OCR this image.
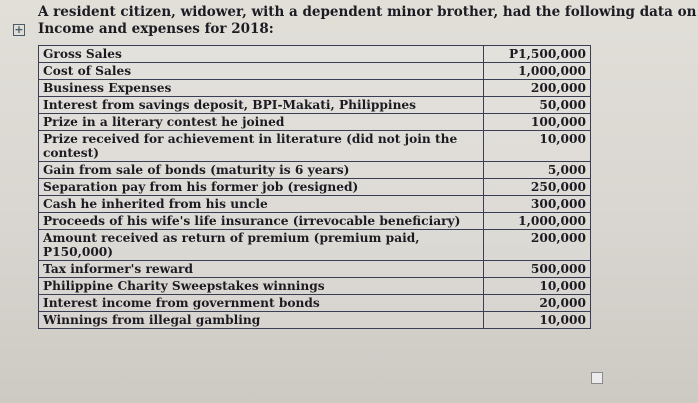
A resident citizen, widower, with a dependent minor brother, had the following data on
+ Income and expenses for 2018:
Gross Sales	P1,500,000
Cost of Sales	1,000,000
Business Expenses	200,000
Interest from savings deposit, BPI-Makati, Philippines	50,000
Prize in a literary contest he joined	100,000
Prize received for achievement in literature (did not join the contest)	10,000
Gain from sale of bonds (maturity is 6 years)	5,000
Separation pay from his former job (resigned)	250,000
Cash he inherited from his uncle	300,000
Proceeds of his wife's life insurance (irrevocable beneficiary)	1,000,000
Amount received as return of premium (premium paid, P150,000)	200,000
Tax informer's reward	500,000
Philippine Charity Sweepstakes winnings	10,000
Interest income from government bonds	20,000
Winnings from illegal gambling	10,000
